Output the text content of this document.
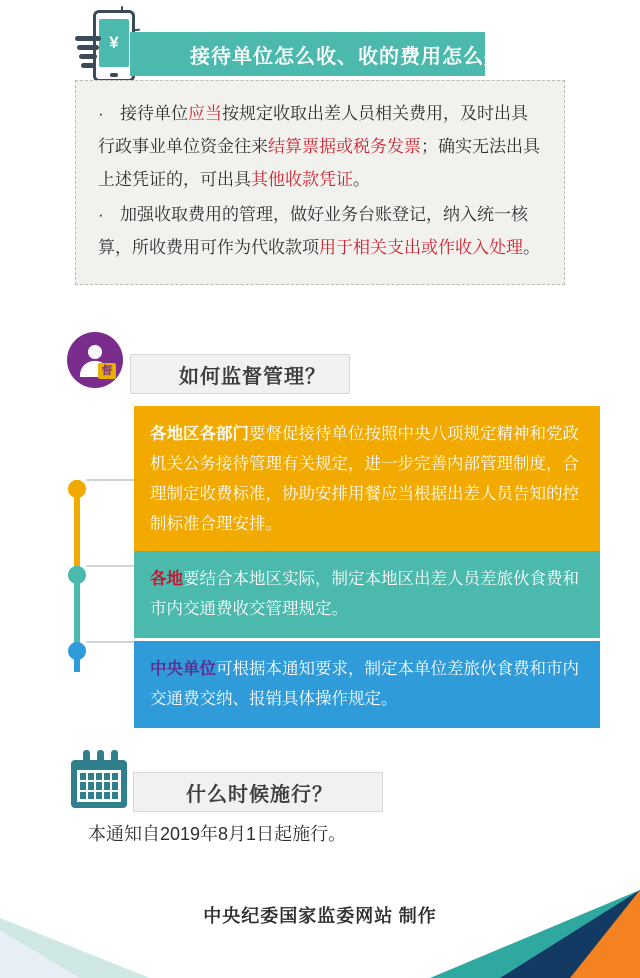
¥
接待单位怎么收、收的费用怎么处理？

· 接待单位应当按规定收取出差人员相关费用，及时出具行政事业单位资金往来结算票据或税务发票；确实无法出具上述凭证的，可出具其他收款凭证。

· 加强收取费用的管理，做好业务台账登记，纳入统一核算，所收费用可作为代收款项用于相关支出或作收入处理。

督	如何监督管理？
各地区各部门要督促接待单位按照中央八项规定精神和党政机关公务接待管理有关规定，进一步完善内部管理制度，合理制定收费标准，协助安排用餐应当根据出差人员告知的控制标准合理安排。
各地要结合本地区实际，制定本地区出差人员差旅伙食费和市内交通费收交管理规定。
中央单位可根据本通知要求，制定本单位差旅伙食费和市内交通费交纳、报销具体操作规定。
什么时候施行？
本通知自2019年8月1日起施行。
中央纪委国家监委网站 制作
